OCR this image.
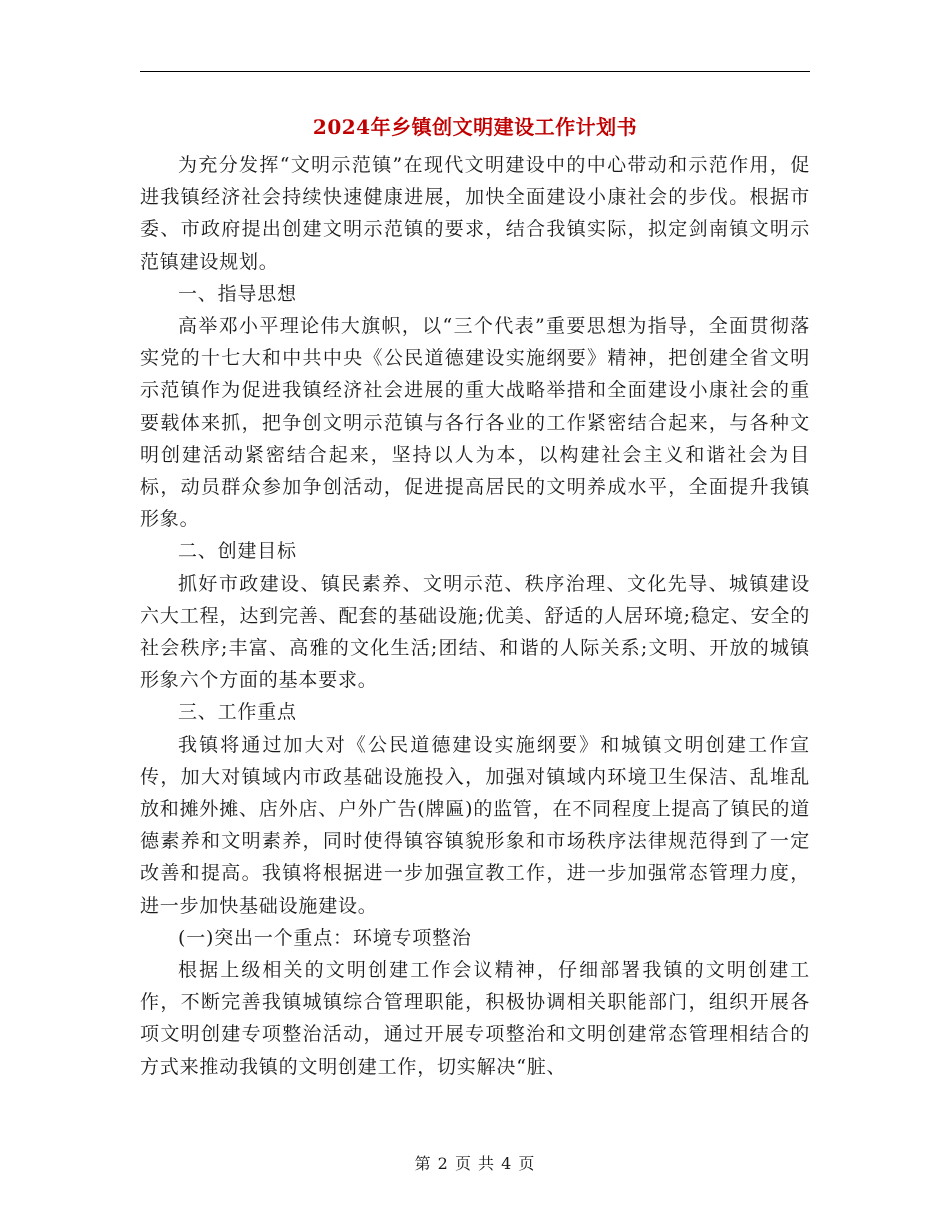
2024年乡镇创文明建设工作计划书

为充分发挥“文明示范镇”在现代文明建设中的中心带动和示范作用，促进我镇经济社会持续快速健康进展，加快全面建设小康社会的步伐。根据市委、市政府提出创建文明示范镇的要求，结合我镇实际，拟定剑南镇文明示范镇建设规划。

一、指导思想

高举邓小平理论伟大旗帜，以“三个代表”重要思想为指导，全面贯彻落实党的十七大和中共中央《公民道德建设实施纲要》精神，把创建全省文明示范镇作为促进我镇经济社会进展的重大战略举措和全面建设小康社会的重要载体来抓，把争创文明示范镇与各行各业的工作紧密结合起来，与各种文明创建活动紧密结合起来，坚持以人为本，以构建社会主义和谐社会为目标，动员群众参加争创活动，促进提高居民的文明养成水平，全面提升我镇形象。

二、创建目标

抓好市政建设、镇民素养、文明示范、秩序治理、文化先导、城镇建设六大工程，达到完善、配套的基础设施;优美、舒适的人居环境;稳定、安全的社会秩序;丰富、高雅的文化生活;团结、和谐的人际关系;文明、开放的城镇形象六个方面的基本要求。

三、工作重点

我镇将通过加大对《公民道德建设实施纲要》和城镇文明创建工作宣传，加大对镇域内市政基础设施投入，加强对镇域内环境卫生保洁、乱堆乱放和摊外摊、店外店、户外广告(牌匾)的监管，在不同程度上提高了镇民的道德素养和文明素养，同时使得镇容镇貌形象和市场秩序法律规范得到了一定改善和提高。我镇将根据进一步加强宣教工作，进一步加强常态管理力度，进一步加快基础设施建设。

(一)突出一个重点：环境专项整治

根据上级相关的文明创建工作会议精神，仔细部署我镇的文明创建工作，不断完善我镇城镇综合管理职能，积极协调相关职能部门，组织开展各项文明创建专项整治活动，通过开展专项整治和文明创建常态管理相结合的方式来推动我镇的文明创建工作，切实解决“脏、

第 2 页 共 4 页
